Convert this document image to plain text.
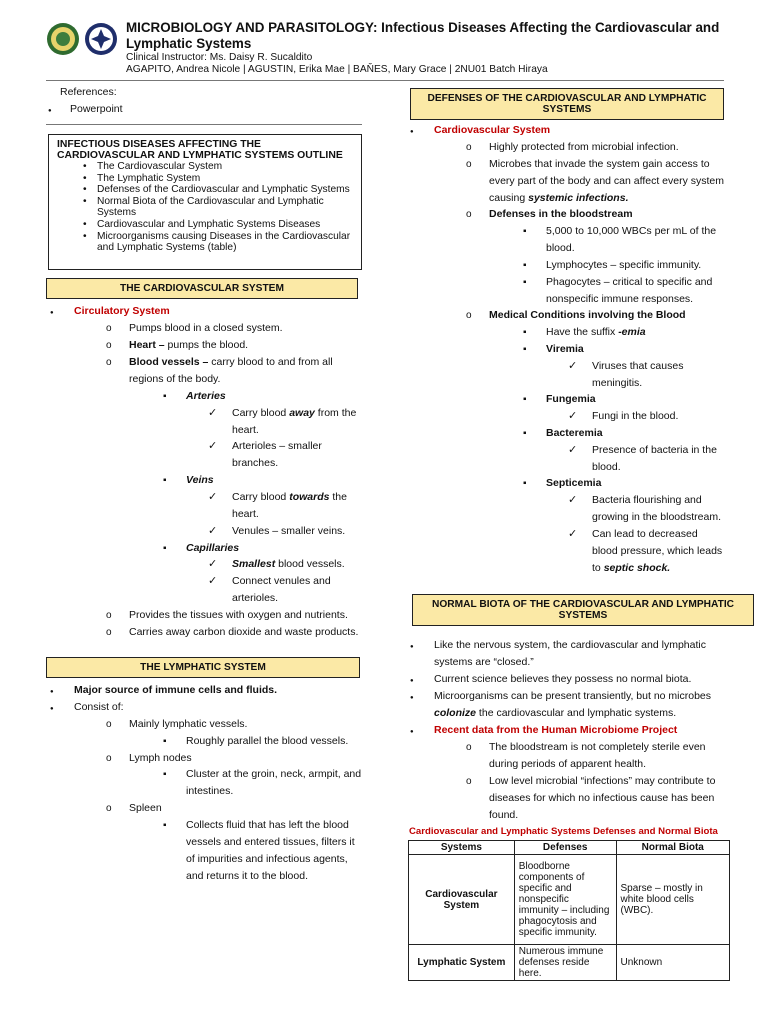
MICROBIOLOGY AND PARASITOLOGY: Infectious Diseases Affecting the Cardiovascular and Lymphatic Systems
Clinical Instructor: Ms. Daisy R. Sucaldito
AGAPITO, Andrea Nicole | AGUSTIN, Erika Mae | BAŇES, Mary Grace | 2NU01 Batch Hiraya
References:
●
Powerpoint
INFECTIOUS DISEASES AFFECTING THE CARDIOVASCULAR AND LYMPHATIC SYSTEMS OUTLINE
• The Cardiovascular System
• The Lymphatic System
• Defenses of the Cardiovascular and Lymphatic Systems
• Normal Biota of the Cardiovascular and Lymphatic Systems
• Cardiovascular and Lymphatic Systems Diseases
• Microorganisms causing Diseases in the Cardiovascular and Lymphatic Systems (table)
THE CARDIOVASCULAR SYSTEM
●
Circulatory System
o
Pumps blood in a closed system.
o
Heart – pumps the blood.
o
Blood vessels – carry blood to and from all
regions of the body.
▪
Arteries
✓
Carry blood away from the
heart.
✓
Arterioles – smaller
branches.
▪
Veins
✓
Carry blood towards the
heart.
✓
Venules – smaller veins.
▪
Capillaries
✓
Smallest blood vessels.
✓
Connect venules and
arterioles.
o
Provides the tissues with oxygen and nutrients.
o
Carries away carbon dioxide and waste products.
THE LYMPHATIC SYSTEM
●
Major source of immune cells and fluids.
●
Consist of:
o
Mainly lymphatic vessels.
▪
Roughly parallel the blood vessels.
o
Lymph nodes
▪
Cluster at the groin, neck, armpit, and
intestines.
o
Spleen
▪
Collects fluid that has left the blood
vessels and entered tissues, filters it
of impurities and infectious agents,
and returns it to the blood.
DEFENSES OF THE CARDIOVASCULAR AND LYMPHATIC SYSTEMS
●
Cardiovascular System
o
Highly protected from microbial infection.
o
Microbes that invade the system gain access to
every part of the body and can affect every system
causing systemic infections.
o
Defenses in the bloodstream
▪
5,000 to 10,000 WBCs per mL of the
blood.
▪
Lymphocytes – specific immunity.
▪
Phagocytes – critical to specific and
nonspecific immune responses.
o
Medical Conditions involving the Blood
▪
Have the suffix -emia
▪
Viremia
✓
Viruses that causes
meningitis.
▪
Fungemia
✓
Fungi in the blood.
▪
Bacteremia
✓
Presence of bacteria in the
blood.
▪
Septicemia
✓
Bacteria flourishing and
growing in the bloodstream.
✓
Can lead to decreased
blood pressure, which leads
to septic shock.
NORMAL BIOTA OF THE CARDIOVASCULAR AND LYMPHATIC SYSTEMS
●
Like the nervous system, the cardiovascular and lymphatic
systems are “closed.”
●
Current science believes they possess no normal biota.
●
Microorganisms can be present transiently, but no microbes
colonize the cardiovascular and lymphatic systems.
●
Recent data from the Human Microbiome Project
o
The bloodstream is not completely sterile even
during periods of apparent health.
o
Low level microbial “infections” may contribute to
diseases for which no infectious cause has been
found.
Cardiovascular and Lymphatic Systems Defenses and Normal Biota
Systems	Defenses	Normal Biota
Cardiovascular System	Bloodborne components of specific and nonspecific immunity – including phagocytosis and specific immunity.	Sparse – mostly in white blood cells (WBC).
Lymphatic System	Numerous immune defenses reside here.	Unknown
